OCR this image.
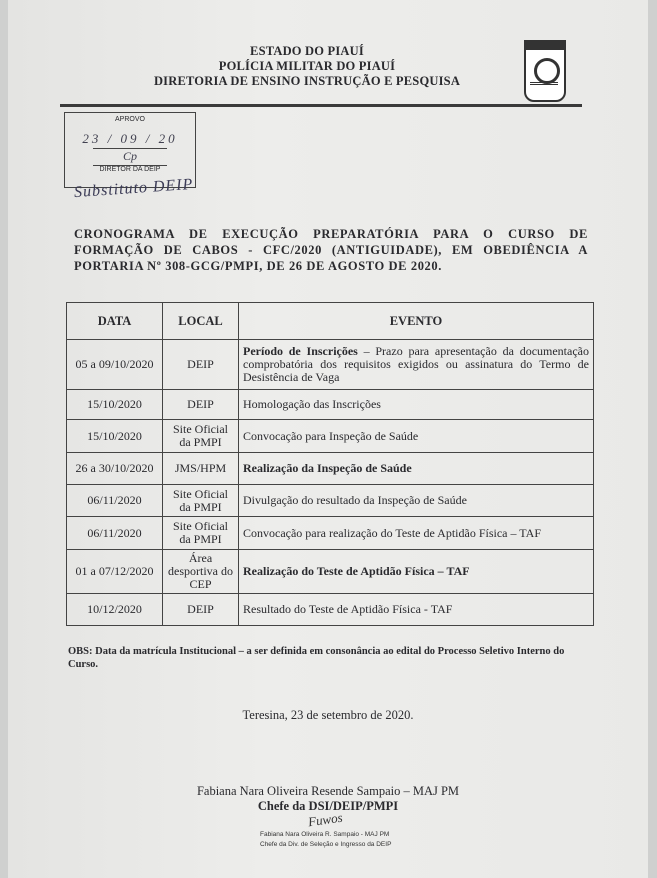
ESTADO DO PIAUÍ
POLÍCIA MILITAR DO PIAUÍ
DIRETORIA DE ENSINO INSTRUÇÃO E PESQUISA
APROVO
23 / 09 / 20
Cp
DIRETOR DA DEIP
Substituto DEIP
CRONOGRAMA DE EXECUÇÃO PREPARATÓRIA PARA O CURSO DE FORMAÇÃO DE CABOS - CFC/2020 (ANTIGUIDADE), EM OBEDIÊNCIA A PORTARIA Nº 308-GCG/PMPI, DE 26 DE AGOSTO DE 2020.
DATA	LOCAL	EVENTO
05 a 09/10/2020	DEIP	Período de Inscrições – Prazo para apresentação da documentação comprobatória dos requisitos exigidos ou assinatura do Termo de Desistência de Vaga
15/10/2020	DEIP	Homologação das Inscrições
15/10/2020	Site Oficial da PMPI	Convocação para Inspeção de Saúde
26 a 30/10/2020	JMS/HPM	Realização da Inspeção de Saúde
06/11/2020	Site Oficial da PMPI	Divulgação do resultado da Inspeção de Saúde
06/11/2020	Site Oficial da PMPI	Convocação para realização do Teste de Aptidão Física – TAF
01 a 07/12/2020	Área desportiva do CEP	Realização do Teste de Aptidão Física – TAF
10/12/2020	DEIP	Resultado do Teste de Aptidão Física - TAF
OBS: Data da matrícula Institucional – a ser definida em consonância ao edital do Processo Seletivo Interno do Curso.
Teresina, 23 de setembro de 2020.
Fabiana Nara Oliveira Resende Sampaio – MAJ PM
Chefe da DSI/DEIP/PMPI
Fuwos
Fabiana Nara Oliveira R. Sampaio - MAJ PM
Chefe da Div. de Seleção e Ingresso da DEIP
